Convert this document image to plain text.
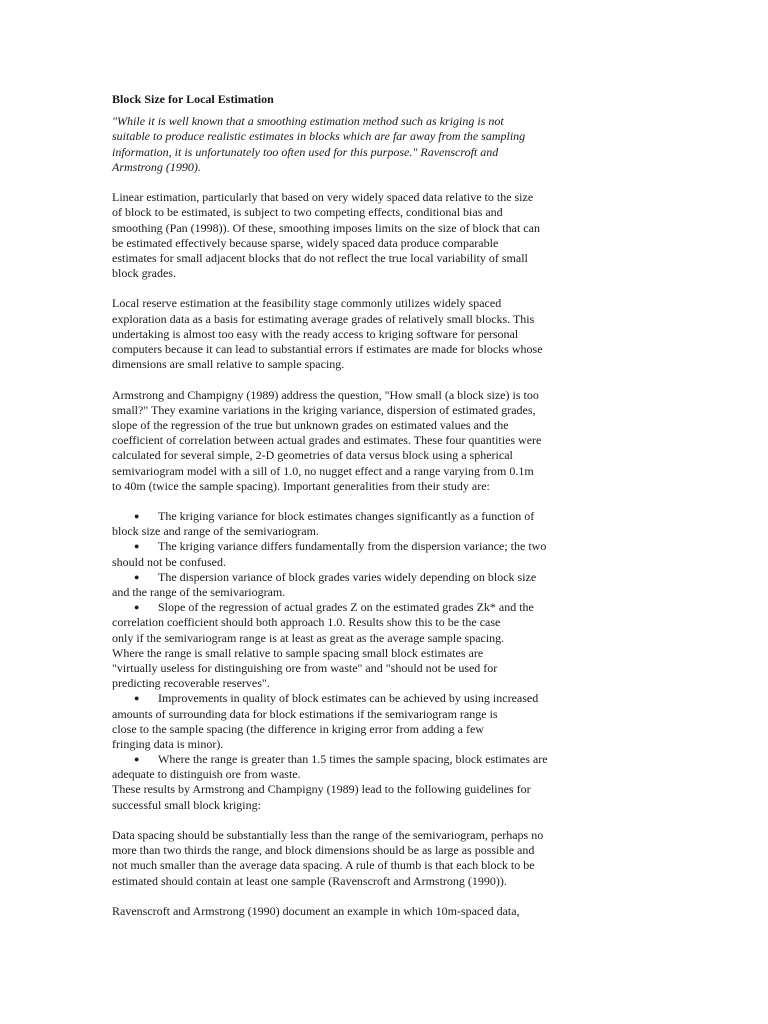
Block Size for Local Estimation
"While it is well known that a smoothing estimation method such as kriging is not
suitable to produce realistic estimates in blocks which are far away from the sampling
information, it is unfortunately too often used for this purpose." Ravenscroft and
Armstrong (1990).
Linear estimation, particularly that based on very widely spaced data relative to the size
of block to be estimated, is subject to two competing effects, conditional bias and
smoothing (Pan (1998)). Of these, smoothing imposes limits on the size of block that can
be estimated effectively because sparse, widely spaced data produce comparable
estimates for small adjacent blocks that do not reflect the true local variability of small
block grades.
Local reserve estimation at the feasibility stage commonly utilizes widely spaced
exploration data as a basis for estimating average grades of relatively small blocks. This
undertaking is almost too easy with the ready access to kriging software for personal
computers because it can lead to substantial errors if estimates are made for blocks whose
dimensions are small relative to sample spacing.
Armstrong and Champigny (1989) address the question, "How small (a block size) is too
small?" They examine variations in the kriging variance, dispersion of estimated grades,
slope of the regression of the true but unknown grades on estimated values and the
coefficient of correlation between actual grades and estimates. These four quantities were
calculated for several simple, 2-D geometries of data versus block using a spherical
semivariogram model with a sill of 1.0, no nugget effect and a range varying from 0.1m
to 40m (twice the sample spacing). Important generalities from their study are:
● The kriging variance for block estimates changes significantly as a function of
block size and range of the semivariogram.
● The kriging variance differs fundamentally from the dispersion variance; the two
should not be confused.
● The dispersion variance of block grades varies widely depending on block size
and the range of the semivariogram.
● Slope of the regression of actual grades Z on the estimated grades Zk* and the
correlation coefficient should both approach 1.0. Results show this to be the case
only if the semivariogram range is at least as great as the average sample spacing.
Where the range is small relative to sample spacing small block estimates are
"virtually useless for distinguishing ore from waste" and "should not be used for
predicting recoverable reserves".
● Improvements in quality of block estimates can be achieved by using increased
amounts of surrounding data for block estimations if the semivariogram range is
close to the sample spacing (the difference in kriging error from adding a few
fringing data is minor).
● Where the range is greater than 1.5 times the sample spacing, block estimates are
adequate to distinguish ore from waste.
These results by Armstrong and Champigny (1989) lead to the following guidelines for
successful small block kriging:
Data spacing should be substantially less than the range of the semivariogram, perhaps no
more than two thirds the range, and block dimensions should be as large as possible and
not much smaller than the average data spacing. A rule of thumb is that each block to be
estimated should contain at least one sample (Ravenscroft and Armstrong (1990)).
Ravenscroft and Armstrong (1990) document an example in which 10m-spaced data,
